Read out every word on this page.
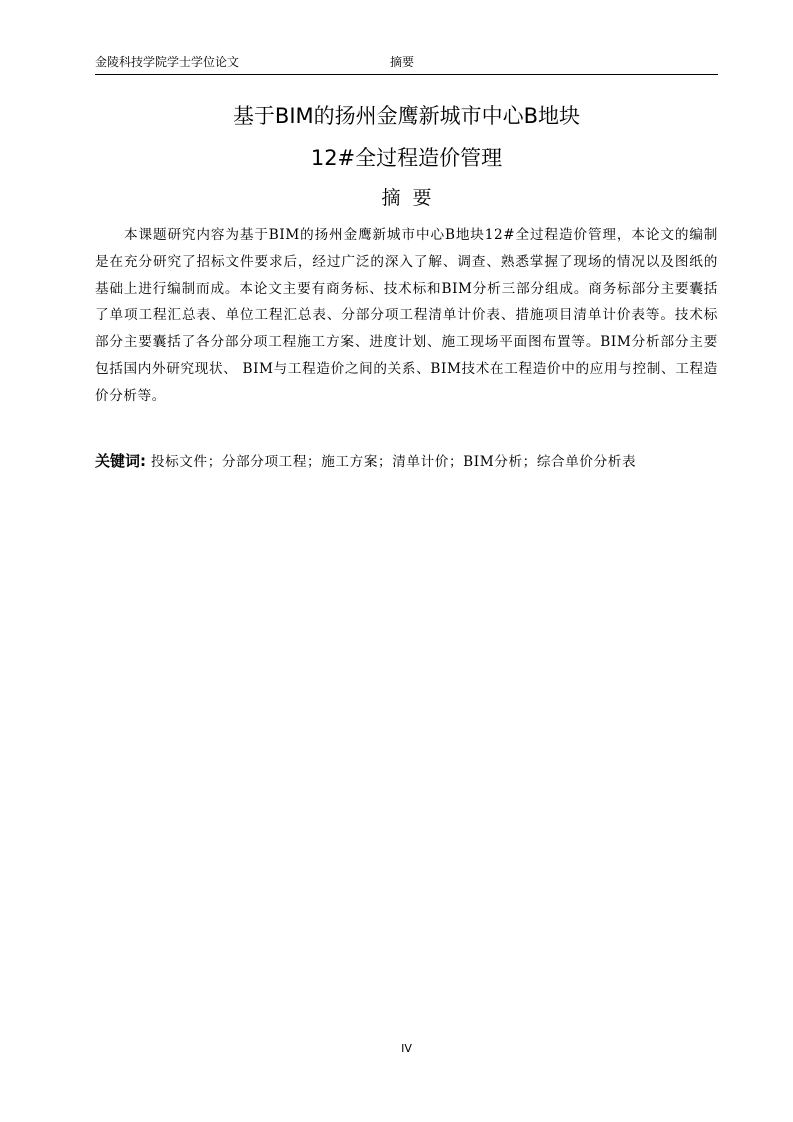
金陵科技学院学士学位论文	摘要
基于BIM的扬州金鹰新城市中心B地块
12#全过程造价管理
摘要

本课题研究内容为基于BIM的扬州金鹰新城市中心B地块12#全过程造价管理，本论文的编制是在充分研究了招标文件要求后，经过广泛的深入了解、调查、熟悉掌握了现场的情况以及图纸的基础上进行编制而成。本论文主要有商务标、技术标和BIM分析三部分组成。商务标部分主要囊括了单项工程汇总表、单位工程汇总表、分部分项工程清单计价表、措施项目清单计价表等。技术标部分主要囊括了各分部分项工程施工方案、进度计划、施工现场平面图布置等。BIM分析部分主要包括国内外研究现状、 BIM与工程造价之间的关系、BIM技术在工程造价中的应用与控制、工程造价分析等。

关键词: 投标文件；分部分项工程；施工方案；清单计价；BIM分析；综合单价分析表
IV
